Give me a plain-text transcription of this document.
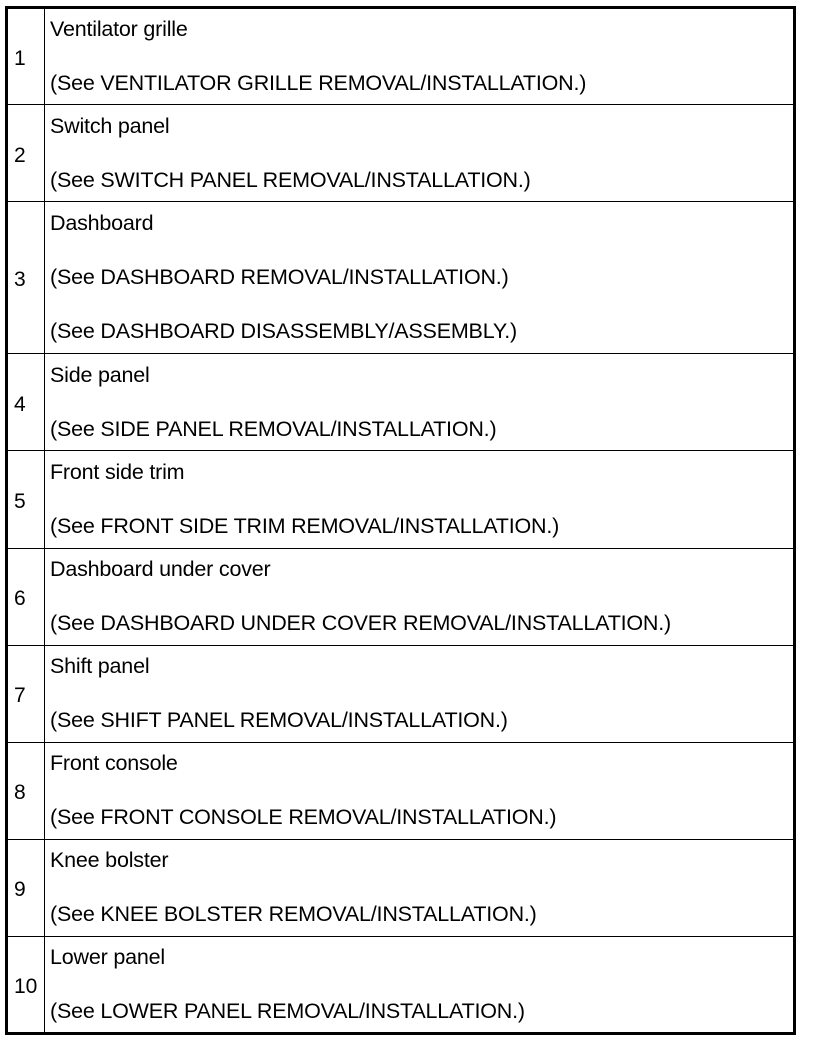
1	Ventilator grille
(See VENTILATOR GRILLE REMOVAL/INSTALLATION.)

2	Switch panel
(See SWITCH PANEL REMOVAL/INSTALLATION.)

3	Dashboard
(See DASHBOARD REMOVAL/INSTALLATION.)
(See DASHBOARD DISASSEMBLY/ASSEMBLY.)

4	Side panel
(See SIDE PANEL REMOVAL/INSTALLATION.)

5	Front side trim
(See FRONT SIDE TRIM REMOVAL/INSTALLATION.)

6	Dashboard under cover
(See DASHBOARD UNDER COVER REMOVAL/INSTALLATION.)

7	Shift panel
(See SHIFT PANEL REMOVAL/INSTALLATION.)

8	Front console
(See FRONT CONSOLE REMOVAL/INSTALLATION.)

9	Knee bolster
(See KNEE BOLSTER REMOVAL/INSTALLATION.)

10	Lower panel
(See LOWER PANEL REMOVAL/INSTALLATION.)
